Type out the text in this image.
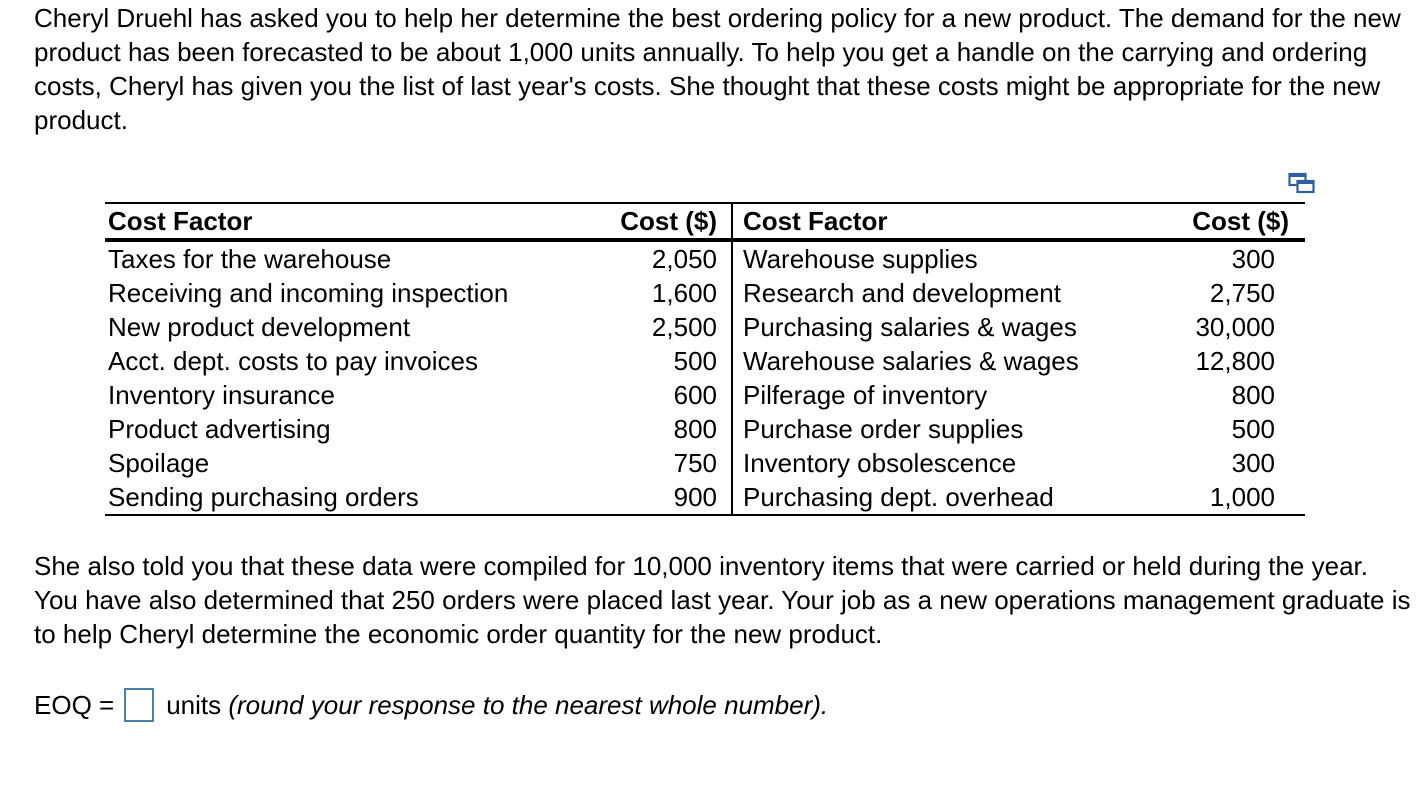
Cheryl Druehl has asked you to help her determine the best ordering policy for a new product. The demand for the new product has been forecasted to be about 1,000 units annually. To help you get a handle on the carrying and ordering costs, Cheryl has given you the list of last year's costs. She thought that these costs might be appropriate for the new product.

Cost Factor	Cost ($)	Cost Factor	Cost ($)
Taxes for the warehouse	2,050	Warehouse supplies	300
Receiving and incoming inspection	1,600	Research and development	2,750
New product development	2,500	Purchasing salaries & wages	30,000
Acct. dept. costs to pay invoices	500	Warehouse salaries & wages	12,800
Inventory insurance	600	Pilferage of inventory	800
Product advertising	800	Purchase order supplies	500
Spoilage	750	Inventory obsolescence	300
Sending purchasing orders	900	Purchasing dept. overhead	1,000

She also told you that these data were compiled for 10,000 inventory items that were carried or held during the year. You have also determined that 250 orders were placed last year. Your job as a new operations management graduate is to help Cheryl determine the economic order quantity for the new product.

EOQ = units
(round your response to the nearest whole number).
